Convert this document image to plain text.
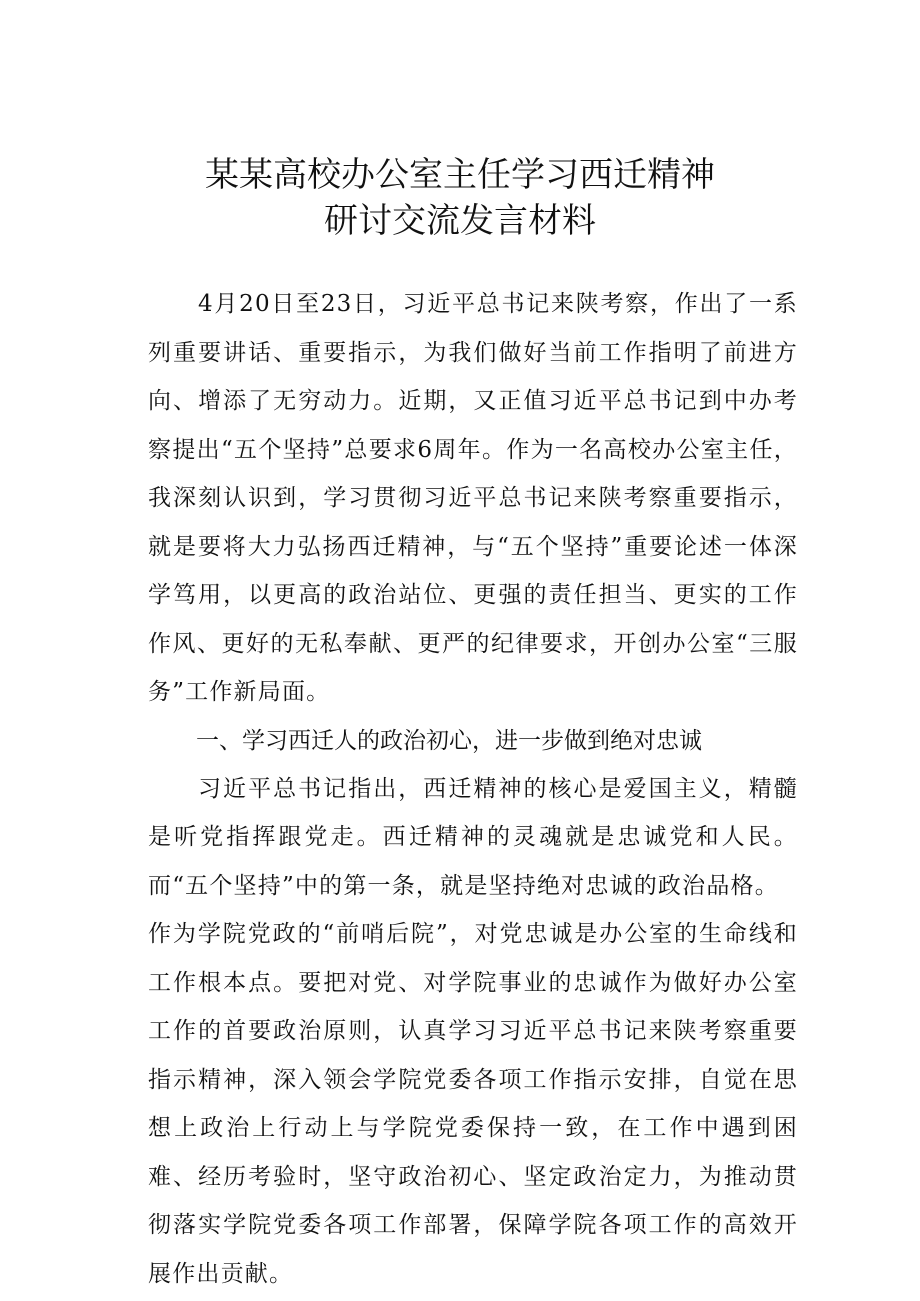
某某高校办公室主任学习西迁精神
研讨交流发言材料

4月20日至23日，习近平总书记来陕考察，作出了一系列重要讲话、重要指示，为我们做好当前工作指明了前进方向、增添了无穷动力。近期，又正值习近平总书记到中办考察提出“五个坚持”总要求6周年。作为一名高校办公室主任，我深刻认识到，学习贯彻习近平总书记来陕考察重要指示，就是要将大力弘扬西迁精神，与“五个坚持”重要论述一体深学笃用，以更高的政治站位、更强的责任担当、更实的工作作风、更好的无私奉献、更严的纪律要求，开创办公室“三服务”工作新局面。

一、学习西迁人的政治初心，进一步做到绝对忠诚

习近平总书记指出，西迁精神的核心是爱国主义，精髓是听党指挥跟党走。西迁精神的灵魂就是忠诚党和人民。而“五个坚持”中的第一条，就是坚持绝对忠诚的政治品格。

作为学院党政的“前哨后院”，对党忠诚是办公室的生命线和工作根本点。要把对党、对学院事业的忠诚作为做好办公室工作的首要政治原则，认真学习习近平总书记来陕考察重要指示精神，深入领会学院党委各项工作指示安排，自觉在思想上政治上行动上与学院党委保持一致，在工作中遇到困难、经历考验时，坚守政治初心、坚定政治定力，为推动贯彻落实学院党委各项工作部署，保障学院各项工作的高效开展作出贡献。
